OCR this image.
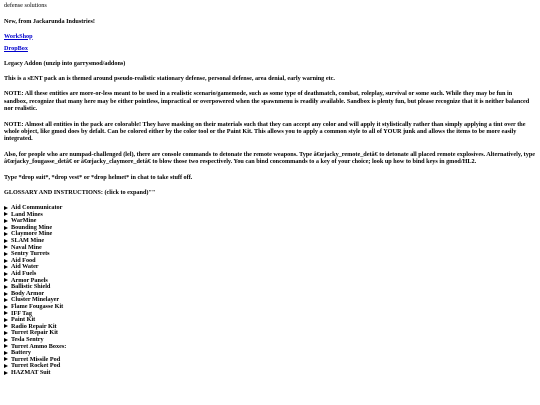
defense solutions

New, from Jackarunda Industries!

WorkShop

DropBox

Legacy Addon (unzip into garrysmod/addons)

This is a sENT pack an is themed around pseudo-realistic stationary defense, personal defense, area denial, early warning etc.

NOTE: All these entities are more-or-less meant to be used in a realistic scenario/gamemode, such as some type of deathmatch, combat, roleplay, survival or some such. While they may be fun in sandbox, recognize that many here may be either pointless, impractical or overpowered when the spawnmenu is readily available. Sandbox is plenty fun, but please recognize that it is neither balanced nor realistic.

NOTE: Almost all entities in the pack are colorable! They have masking on their materials such that they can accept any color and will apply it stylistically rather than simply applying a tint over the whole object, like gmod does by defalt. Can be colored either by the color tool or the Paint Kit. This allows you to apply a common style to all of YOUR junk and allows the items to be more easily integrated.

Also, for people who are numpad-challenged (lel), there are console commands to detonate the remote weapons. Type â€œjacky_remote_detâ€ to detonate all placed remote explosives. Alternatively, type â€œjacky_fougasse_detâ€ or â€œjacky_claymore_detâ€ to blow those two respectively. You can bind concommands to a key of your choice; look up how to bind keys in gmod/HL2.

Type *drop suit*, *drop vest* or *drop helmet* in chat to take stuff off.

GLOSSARY AND INSTRUCTIONS: (click to expand)""

Aid Communicator
Land Mines
WarMine
Bounding Mine
Claymore Mine
SLAM Mine
Naval Mine
Sentry Turrets
Aid Food
Aid Water
Aid Fuels
Armor Panels
Ballistic Shield
Body Armor
Cluster Minelayer
Flame Fougasse Kit
IFF Tag
Paint Kit
Radio Repair Kit
Turret Repair Kit
Tesla Sentry
Turret Ammo Boxes:
Battery
Turret Missile Pod
Turret Rocket Pod
HAZMAT Suit
